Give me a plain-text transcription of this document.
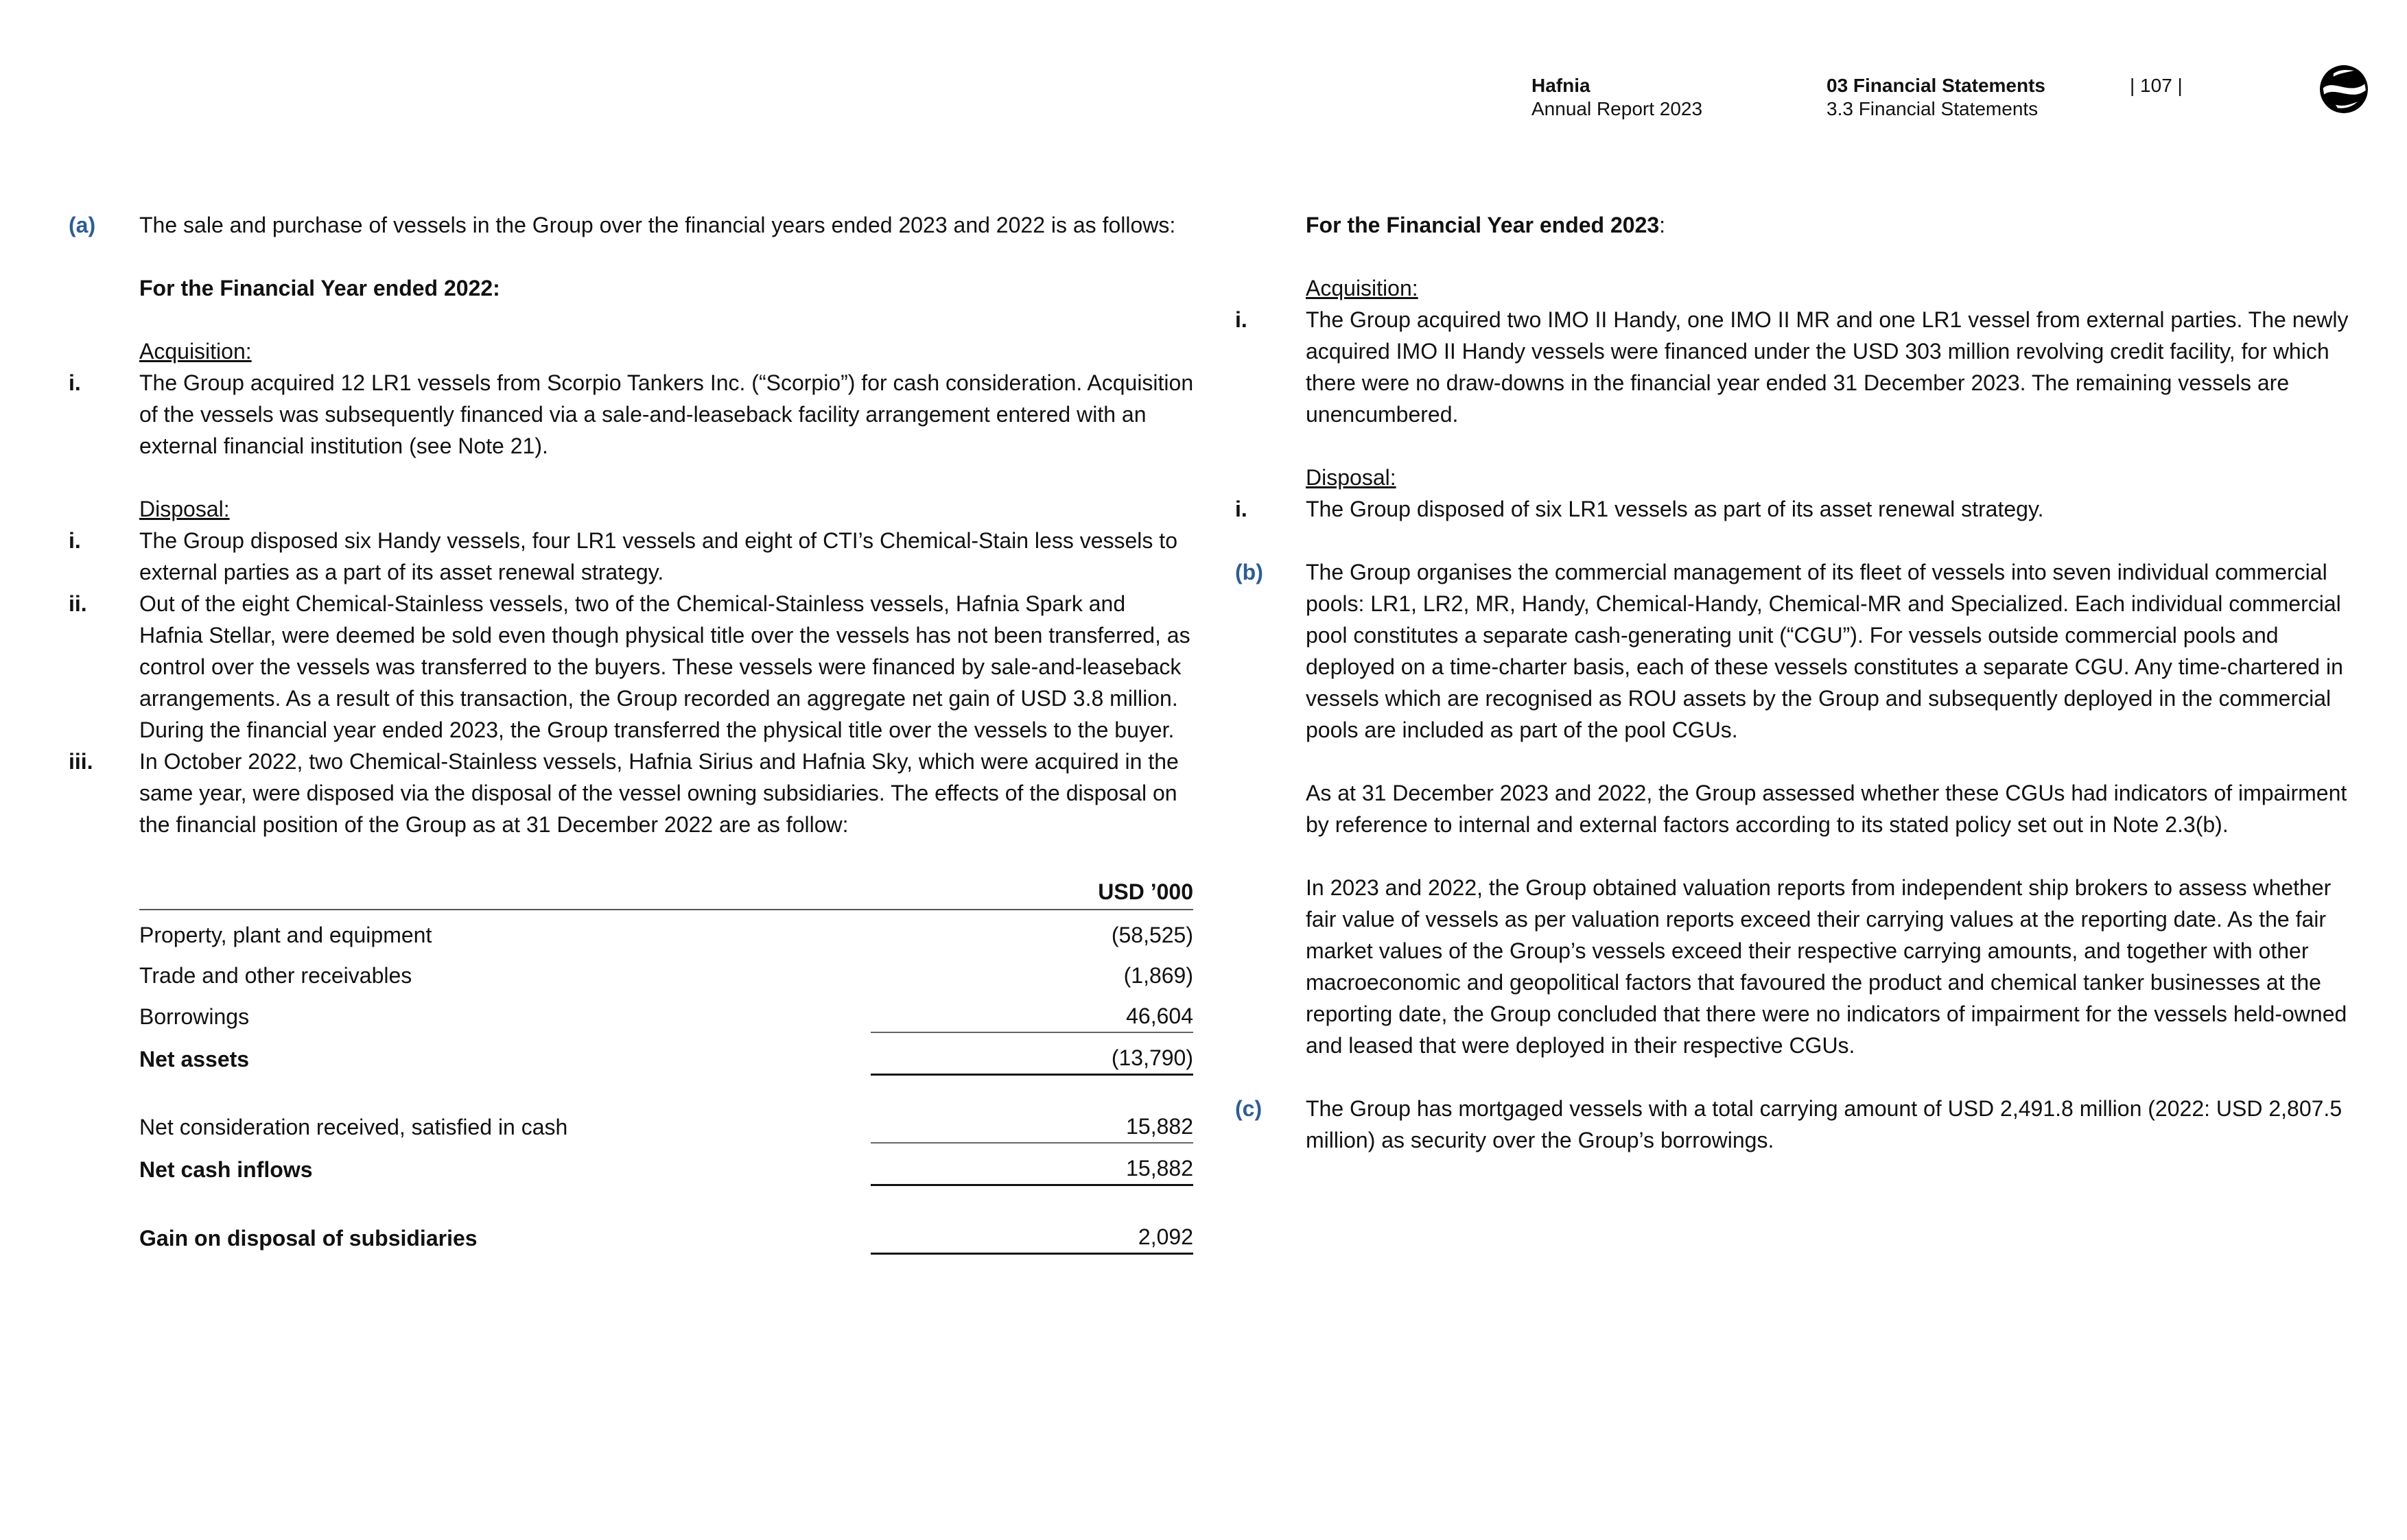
Hafnia
Annual Report 2023
03 Financial Statements
3.3 Financial Statements
| 107 |
(a) The sale and purchase of vessels in the Group over the financial years ended 2023 and 2022 is as follows:

For the Financial Year ended 2022:

Acquisition:

i.	The Group acquired 12 LR1 vessels from Scorpio Tankers Inc. (“Scorpio”) for cash consideration. Acquisition of the vessels was subsequently financed via a sale-and-leaseback facility arrangement entered with an external financial institution (see Note 21).

Disposal:

i.	The Group disposed six Handy vessels, four LR1 vessels and eight of CTI’s Chemical-Stain less vessels to external parties as a part of its asset renewal strategy.

ii. Out of the eight Chemical-Stainless vessels, two of the Chemical-Stainless vessels, Hafnia Spark and Hafnia Stellar, were deemed be sold even though physical title over the vessels has not been transferred, as control over the vessels was transferred to the buyers. These vessels were financed by sale-and-leaseback arrangements. As a result of this transaction, the Group recorded an aggregate net gain of USD 3.8 million. During the financial year ended 2023, the Group transferred the physical title over the vessels to the buyer.

iii. In October 2022, two Chemical-Stainless vessels, Hafnia Sirius and Hafnia Sky, which were acquired in the same year, were disposed via the disposal of the vessel owning subsidiaries. The effects of the disposal on the financial position of the Group as at 31 December 2022 are as follow:

	USD ’000
Property, plant and equipment	(58,525)
Trade and other receivables	(1,869)
Borrowings	46,604
Net assets	(13,790)

Net consideration received, satisfied in cash	15,882
Net cash inflows	15,882

Gain on disposal of subsidiaries	2,092

For the Financial Year ended 2023:

Acquisition:

i.	The Group acquired two IMO II Handy, one IMO II MR and one LR1 vessel from external parties. The newly acquired IMO II Handy vessels were financed under the USD 303 million revolving credit facility, for which there were no draw-downs in the financial year ended 31 December 2023. The remaining vessels are unencumbered.

Disposal:

i.	The Group disposed of six LR1 vessels as part of its asset renewal strategy.

(b) The Group organises the commercial management of its fleet of vessels into seven individual commercial pools: LR1, LR2, MR, Handy, Chemical-Handy, Chemical-MR and Specialized. Each individual commercial pool constitutes a separate cash-generating unit (“CGU”). For vessels outside commercial pools and deployed on a time-charter basis, each of these vessels constitutes a separate CGU. Any time-chartered in vessels which are recognised as ROU assets by the Group and subsequently deployed in the commercial pools are included as part of the pool CGUs.

As at 31 December 2023 and 2022, the Group assessed whether these CGUs had indicators of impairment by reference to internal and external factors according to its stated policy set out in Note 2.3(b).

In 2023 and 2022, the Group obtained valuation reports from independent ship brokers to assess whether fair value of vessels as per valuation reports exceed their carrying values at the reporting date. As the fair market values of the Group’s vessels exceed their respective carrying amounts, and together with other macroeconomic and geopolitical factors that favoured the product and chemical tanker businesses at the reporting date, the Group concluded that there were no indicators of impairment for the vessels held-owned and leased that were deployed in their respective CGUs.

(c) The Group has mortgaged vessels with a total carrying amount of USD 2,491.8 million (2022: USD 2,807.5 million) as security over the Group’s borrowings.
